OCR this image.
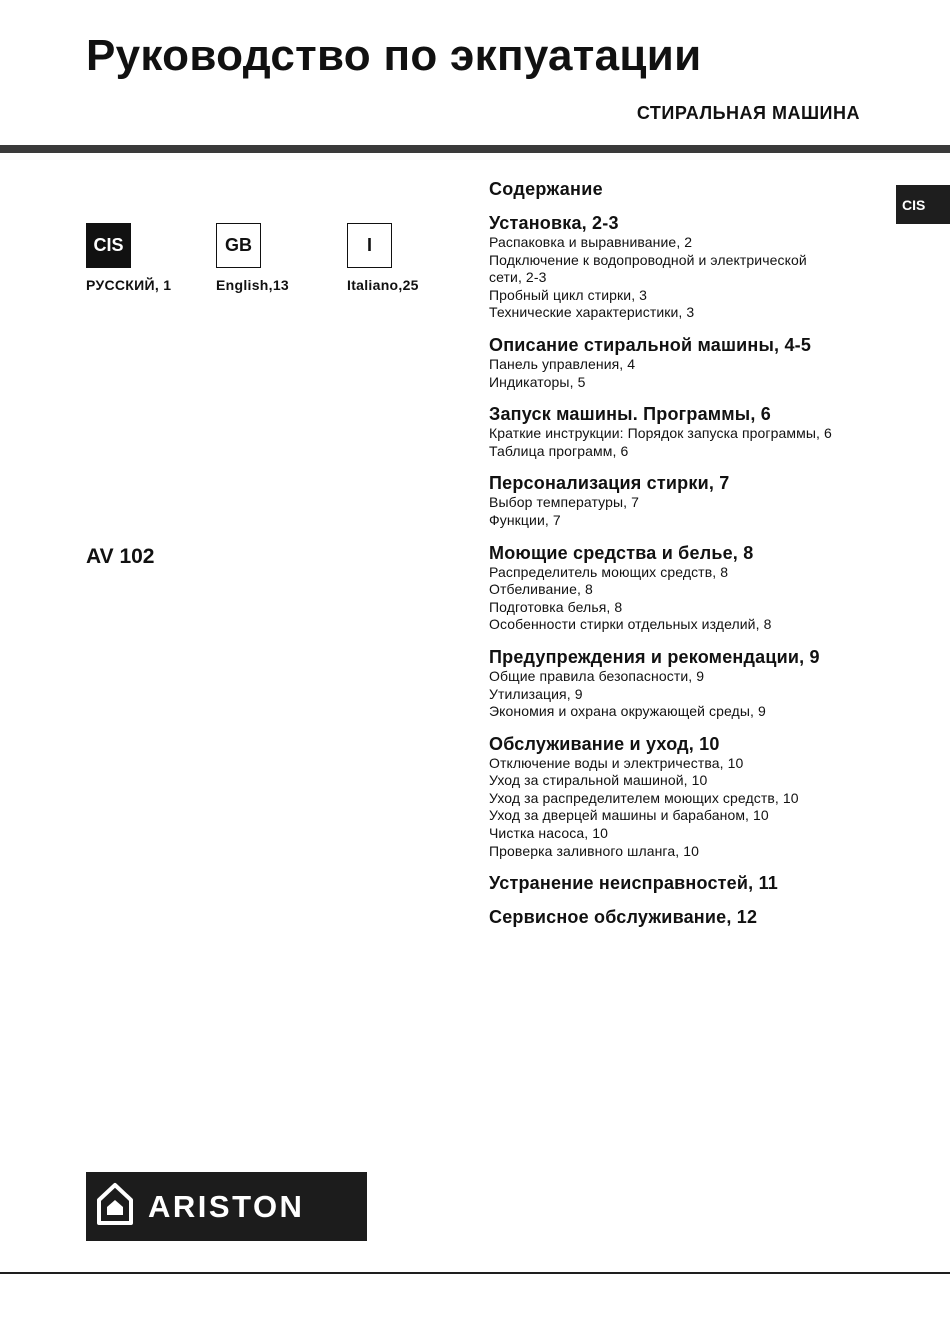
Руководство по экпуатации
СТИРАЛЬНАЯ МАШИНА
CIS
CIS
РУССКИЙ, 1
GB
English,13
I
Italiano,25
AV 102
Содержание
Установка, 2-3
Распаковка и выравнивание, 2
Подключение к водопроводной и электрической
сети, 2-3
Пробный цикл стирки, 3
Технические характеристики, 3
Описание стиральной машины, 4-5
Панель управления, 4
Индикаторы, 5
Запуск машины. Программы, 6
Краткие инструкции: Порядок запуска программы, 6
Таблица программ, 6
Персонализация стирки, 7
Выбор температуры, 7
Функции, 7
Моющие средства и белье, 8
Распределитель моющих средств, 8
Отбеливание, 8
Подготовка белья, 8
Особенности стирки отдельных изделий, 8
Предупреждения и рекомендации, 9
Общие правила безопасности, 9
Утилизация, 9
Экономия и охрана окружающей среды, 9
Обслуживание и уход, 10
Отключение воды и электричества, 10
Уход за стиральной машиной, 10
Уход за распределителем моющих средств, 10
Уход за дверцей машины и барабаном, 10
Чистка насоса, 10
Проверка заливного шланга, 10
Устранение неисправностей, 11
Сервисное обслуживание, 12
ARISTON
